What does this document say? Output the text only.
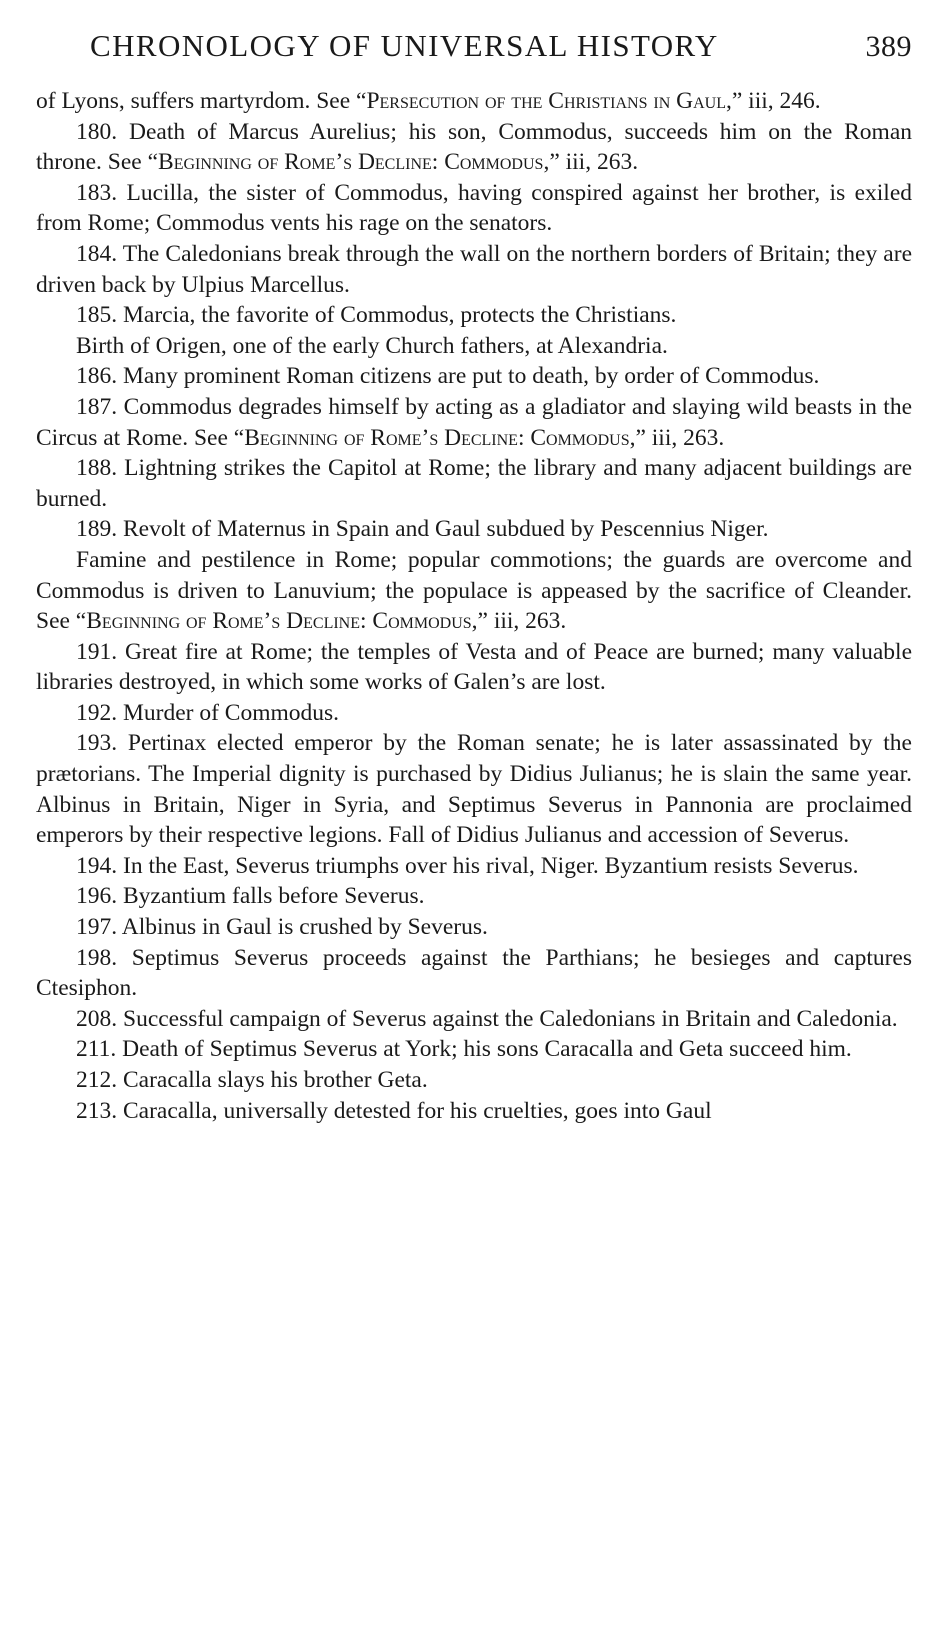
CHRONOLOGY OF UNIVERSAL HISTORY	389

of Lyons, suffers martyrdom. See “Persecution of the Christians in Gaul,” iii, 246.

180. Death of Marcus Aurelius; his son, Commodus, succeeds him on the Roman throne. See “Beginning of Rome’s Decline: Commodus,” iii, 263.

183. Lucilla, the sister of Commodus, having conspired against her brother, is exiled from Rome; Commodus vents his rage on the senators.

184. The Caledonians break through the wall on the northern borders of Britain; they are driven back by Ulpius Marcellus.

185. Marcia, the favorite of Commodus, protects the Christians.

Birth of Origen, one of the early Church fathers, at Alexandria.

186. Many prominent Roman citizens are put to death, by order of Commodus.

187. Commodus degrades himself by acting as a gladiator and slaying wild beasts in the Circus at Rome. See “Beginning of Rome’s Decline: Commodus,” iii, 263.

188. Lightning strikes the Capitol at Rome; the library and many adjacent buildings are burned.

189. Revolt of Maternus in Spain and Gaul subdued by Pescennius Niger.

Famine and pestilence in Rome; popular commotions; the guards are overcome and Commodus is driven to Lanuvium; the populace is appeased by the sacrifice of Cleander. See “Beginning of Rome’s Decline: Commodus,” iii, 263.

191. Great fire at Rome; the temples of Vesta and of Peace are burned; many valuable libraries destroyed, in which some works of Galen’s are lost.

192. Murder of Commodus.

193. Pertinax elected emperor by the Roman senate; he is later assassinated by the prætorians. The Imperial dignity is purchased by Didius Julianus; he is slain the same year. Albinus in Britain, Niger in Syria, and Septimus Severus in Pannonia are proclaimed emperors by their respective legions. Fall of Didius Julianus and accession of Severus.

194. In the East, Severus triumphs over his rival, Niger. Byzantium resists Severus.

196. Byzantium falls before Severus.

197. Albinus in Gaul is crushed by Severus.

198. Septimus Severus proceeds against the Parthians; he besieges and captures Ctesiphon.

208. Successful campaign of Severus against the Caledonians in Britain and Caledonia.

211. Death of Septimus Severus at York; his sons Caracalla and Geta succeed him.

212. Caracalla slays his brother Geta.

213. Caracalla, universally detested for his cruelties, goes into Gaul
